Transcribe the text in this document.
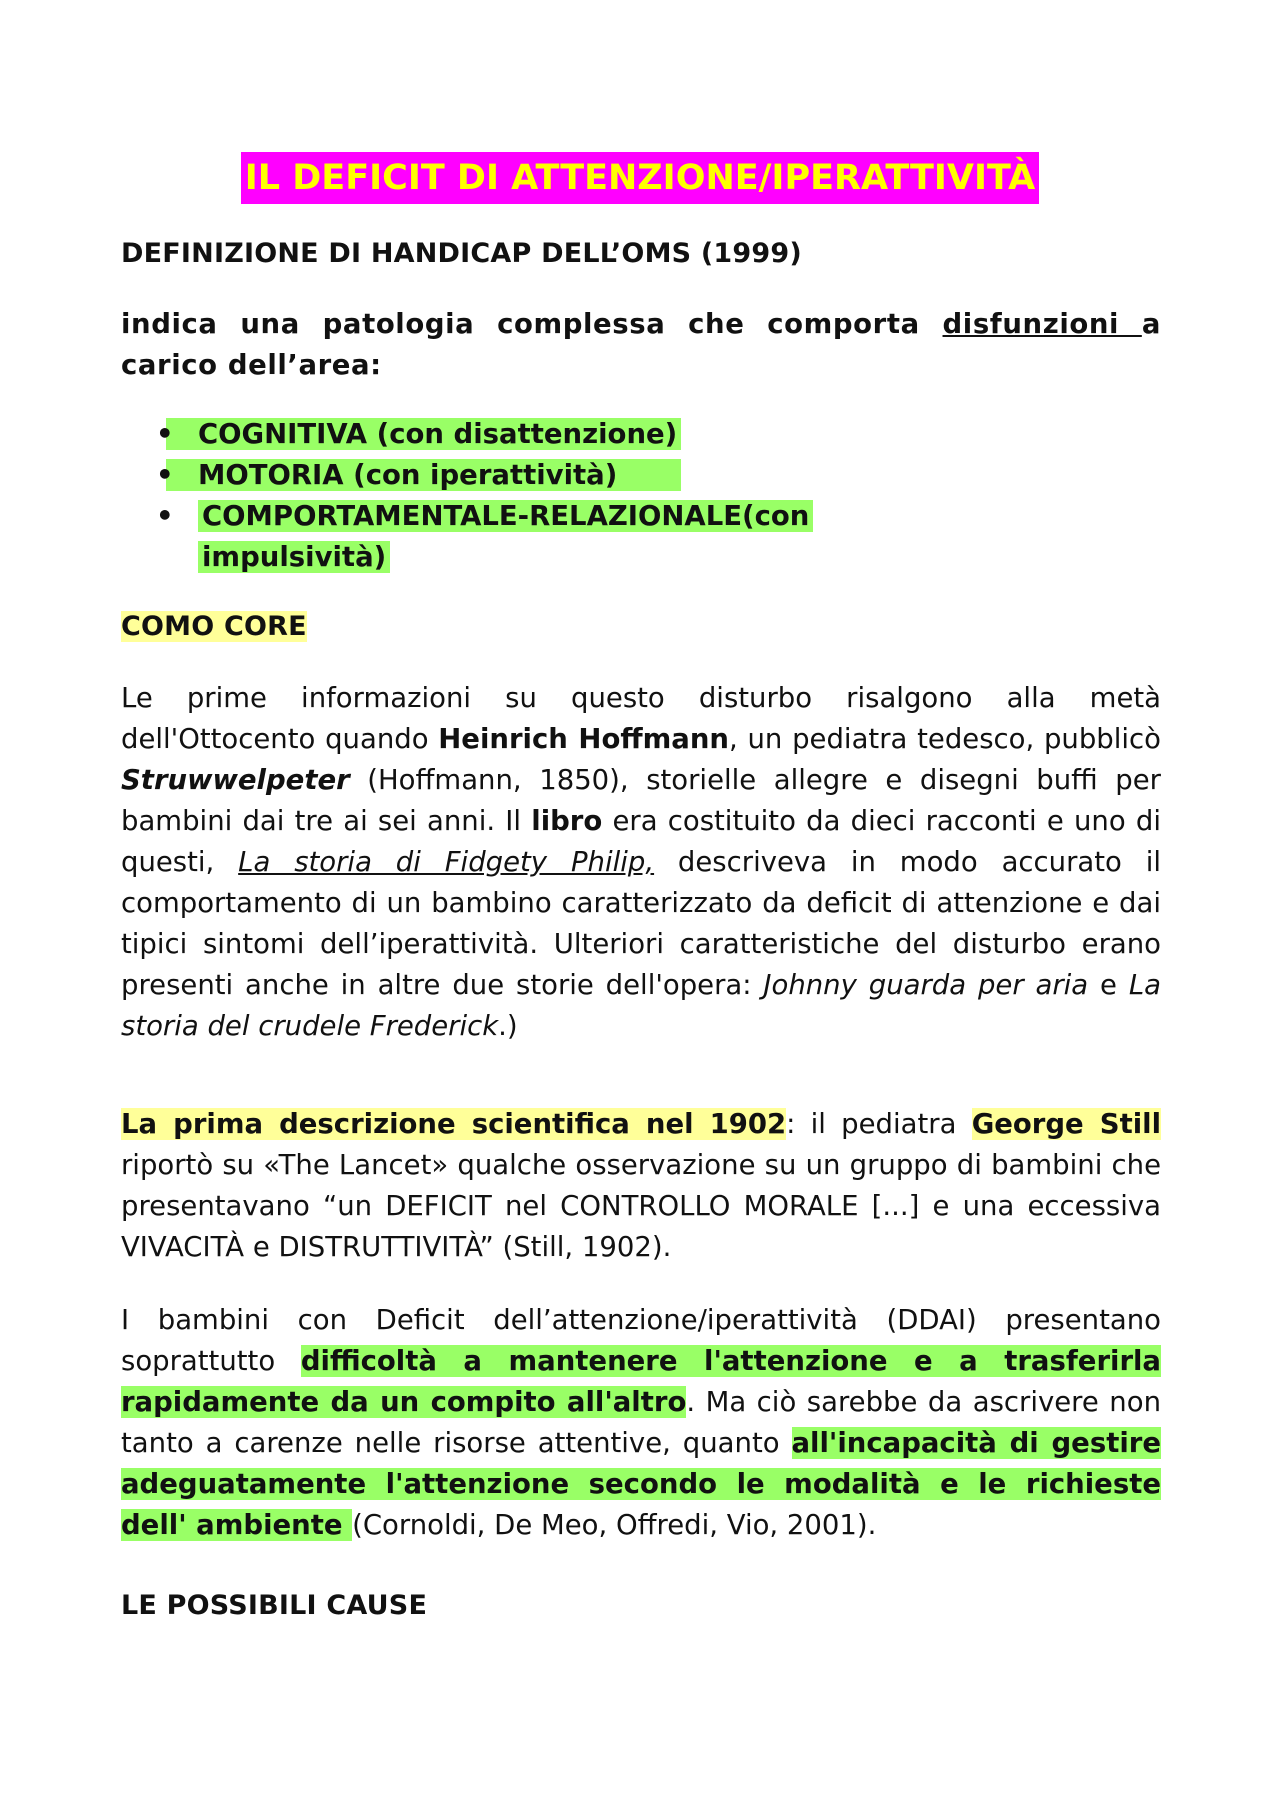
IL DEFICIT DI ATTENZIONE/IPERATTIVITÀ
DEFINIZIONE DI HANDICAP DELL’OMS (1999)
indica una patologia complessa che comporta disfunzioni a carico dell’area:
• COGNITIVA (con disattenzione)
• MOTORIA (con iperattività)
• COMPORTAMENTALE-RELAZIONALE(con impulsività)
COMO CORE
Le prime informazioni su questo disturbo risalgono alla metà dell'Ottocento quando Heinrich Hoffmann, un pediatra tedesco, pubblicò Struwwelpeter (Hoffmann, 1850), storielle allegre e disegni buffi per bambini dai tre ai sei anni. Il libro era costituito da dieci racconti e uno di questi, La storia di Fidgety Philip, descriveva in modo accurato il comportamento di un bambino caratterizzato da deficit di attenzione e dai tipici sintomi dell’iperattività. Ulteriori caratteristiche del disturbo erano presenti anche in altre due storie dell'opera: Johnny guarda per aria e La storia del crudele Frederick.)
La prima descrizione scientifica nel 1902: il pediatra George Still riportò su «The Lancet» qualche osservazione su un gruppo di bambini che presentavano “un DEFICIT nel CONTROLLO MORALE [...] e una eccessiva VIVACITÀ e DISTRUTTIVITÀ” (Still, 1902).
I bambini con Deficit dell’attenzione/iperattività (DDAI) presentano soprattutto difficoltà a mantenere l'attenzione e a trasferirla rapidamente da un compito all'altro. Ma ciò sarebbe da ascrivere non tanto a carenze nelle risorse attentive, quanto all'incapacità di gestire adeguatamente l'attenzione secondo le modalità e le richieste dell' ambiente (Cornoldi, De Meo, Offredi, Vio, 2001).
LE POSSIBILI CAUSE
